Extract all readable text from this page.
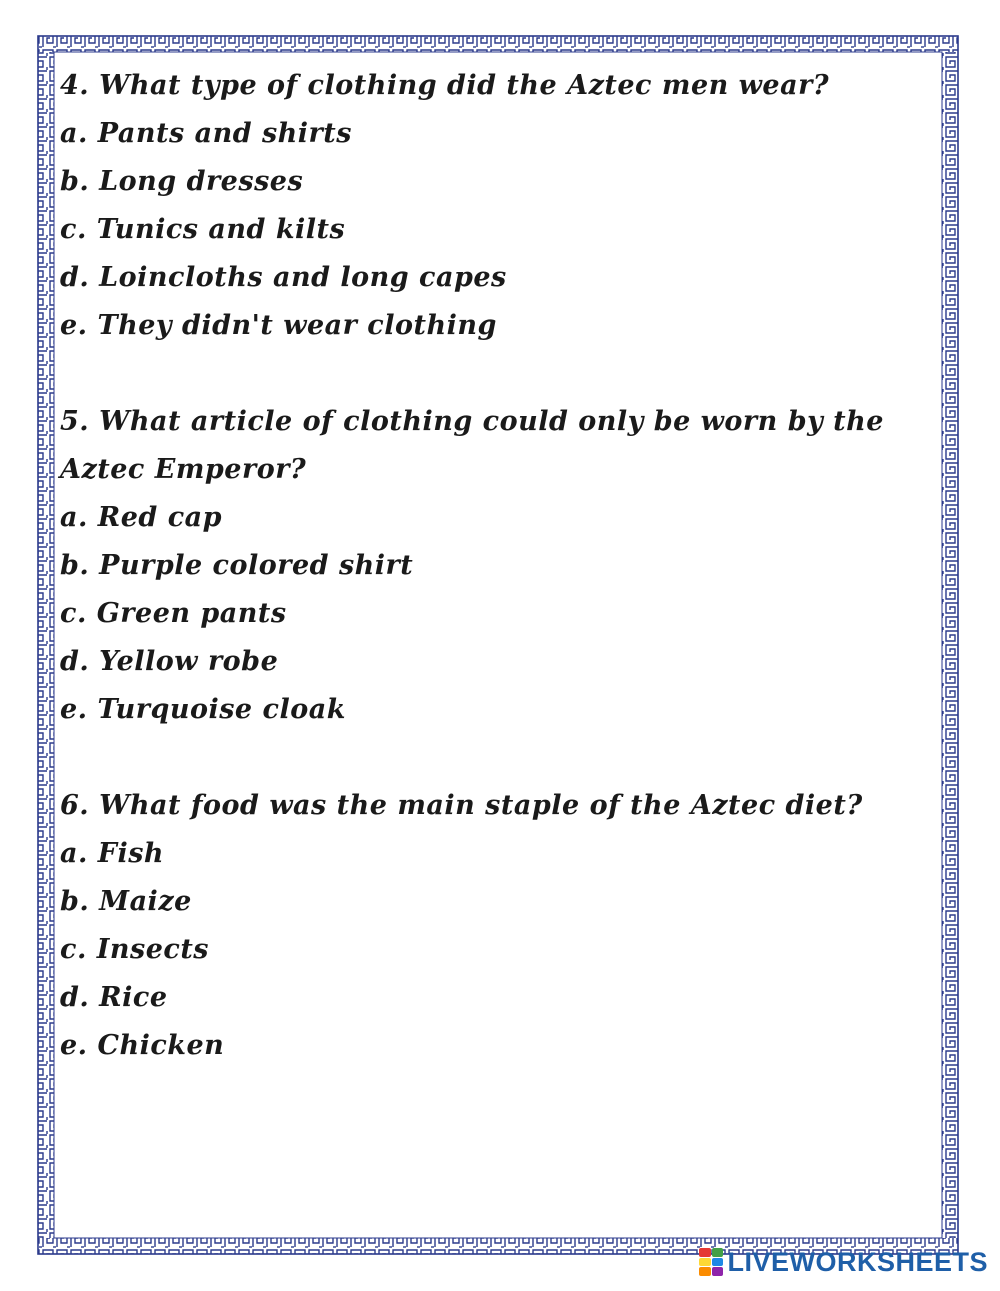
4. What type of clothing did the Aztec men wear?
a. Pants and shirts
b. Long dresses
c. Tunics and kilts
d. Loincloths and long capes
e. They didn't wear clothing
5. What article of clothing could only be worn by the Aztec Emperor?
a. Red cap
b. Purple colored shirt
c. Green pants
d. Yellow robe
e. Turquoise cloak
6. What food was the main staple of the Aztec diet?
a. Fish
b. Maize
c. Insects
d. Rice
e. Chicken
LIVEWORKSHEETS
